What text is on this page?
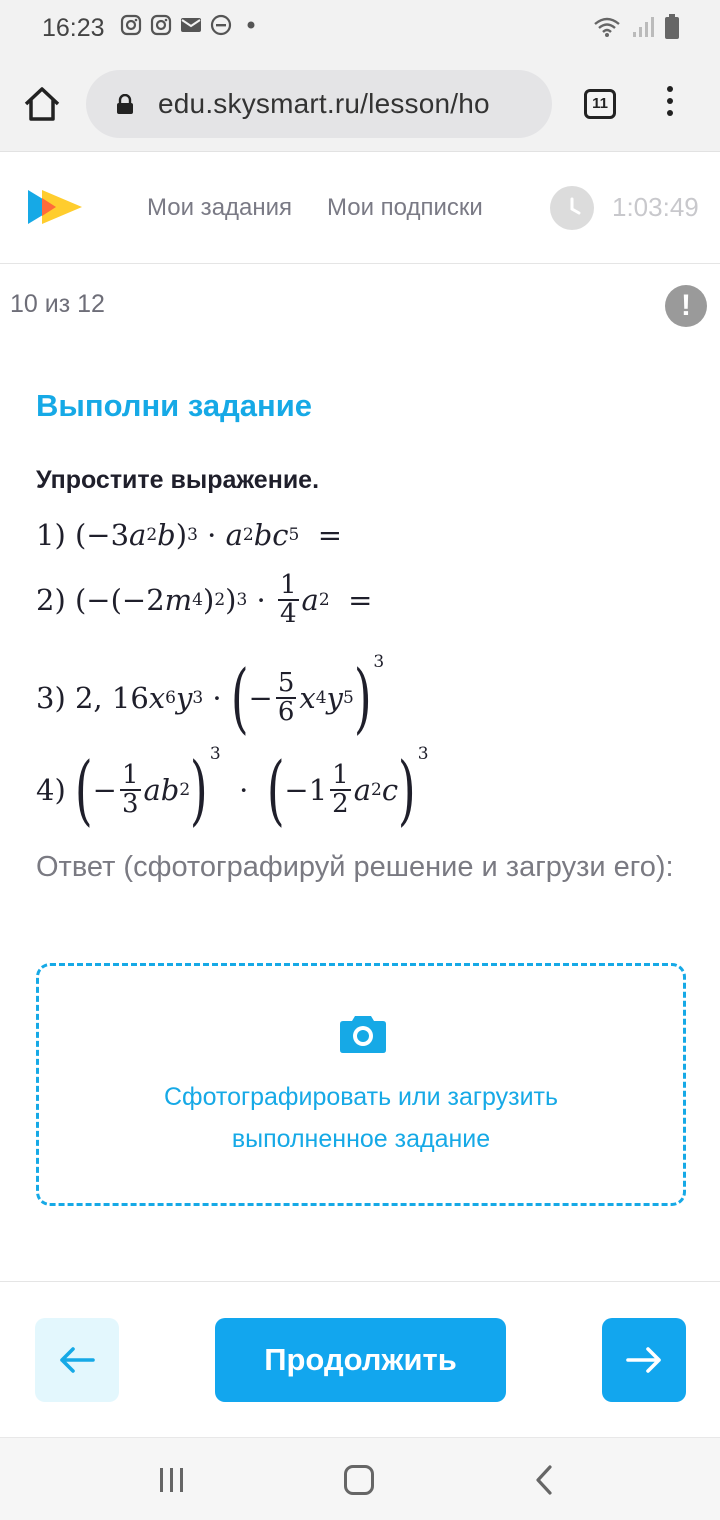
16:23
edu.skysmart.ru/lesson/ho	11
Мои задания Мои подписки	1:03:49
10 из 12	!
Выполни задание
Упростите выражение.
1) (−3 a 2 b ) 3 · a 2 bc 5 =
2) (−(−2 m 4 ) 2 ) $3 \cdot \frac{1}{4}$ a 2 =
3) 2, 16 x 6 y 3 · ( − $\frac{5}{6}$ x 4 y 5 ) 3
4) ( − $\frac{1}{3}$ ab 2 ) 3
· ( $-1 \frac{1}{2}$ a 2 c ) 3
Ответ (сфотографируй решение и загрузи его):
Сфотографировать или загрузить
выполненное задание
Продолжить
